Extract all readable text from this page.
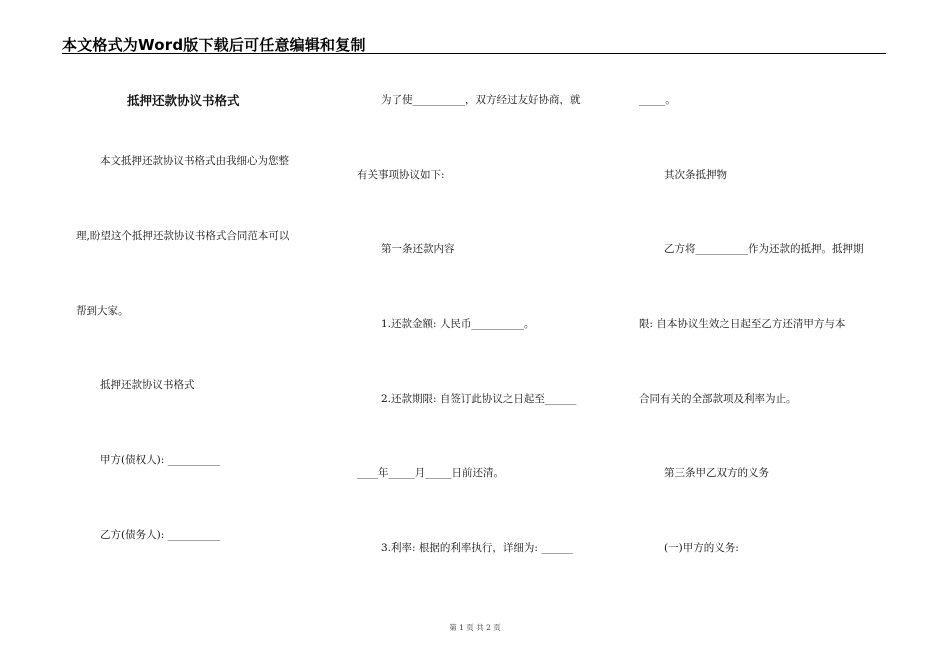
本文格式为Word版下载后可任意编辑和复制
抵押还款协议书格式
本文抵押还款协议书格式由我细心为您整
理,盼望这个抵押还款协议书格式合同范本可以
帮到大家。
抵押还款协议书格式
甲方(债权人): __________
乙方(债务人): __________
为了使__________，双方经过友好协商，就
有关事项协议如下:
第一条还款内容
1.还款金额: 人民币__________。
2.还款期限: 自签订此协议之日起至______
____年_____月_____日前还清。
3.利率: 根据的利率执行，详细为: ______
_____。
其次条抵押物
乙方将__________作为还款的抵押。抵押期
限: 自本协议生效之日起至乙方还清甲方与本
合同有关的全部款项及利率为止。
第三条甲乙双方的义务
(一)甲方的义务:
第 1 页 共 2 页
